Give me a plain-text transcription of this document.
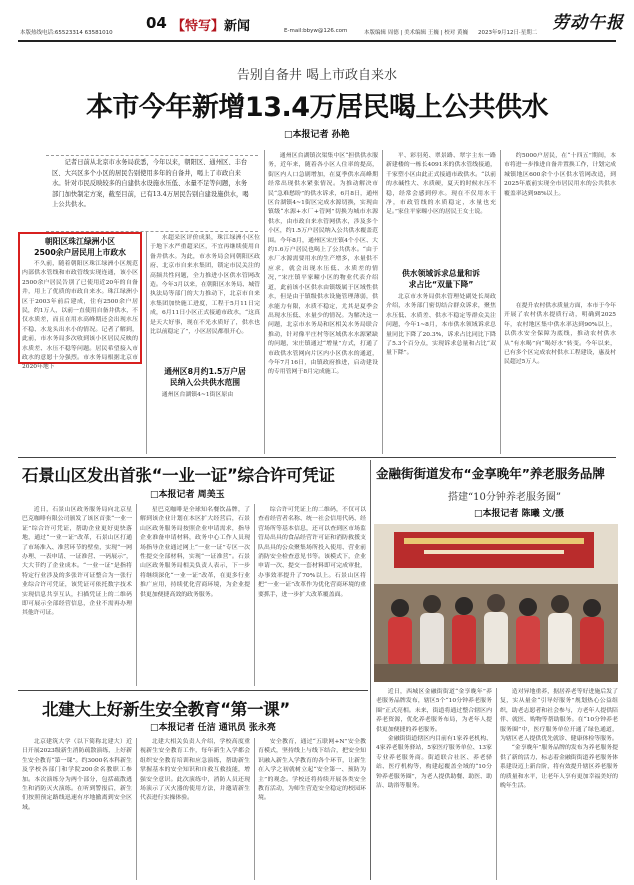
本版热线电话:65523314 63581010
04 【特写】 新闻	E-mail:bbyw@126.com	本版编辑 周德 | 美术编辑 王巍 | 校对 黄巍 2023年9月12日·星期二 劳动午报
告别自备井 喝上市政自来水
本市今年新增13.4万居民喝上公共供水
□本报记者 孙艳
记者日前从北京市水务局获悉，今年以来，朝阳区、通州区、丰台区、大兴区多个小区的居民告别使用多年的自备井，喝上了市政自来水。针对市民反映较多的自建供水设施水压低、水量不足等问题，水务部门加快制定方案，截至目前，已有13.4万居民告别自建设施供水，喝上公共供水。
朝阳区珠江绿洲小区
2500余户居民用上市政水

不久前，随着朝阳区珠江绿洲小区规范内部供水管线和市政管线实现连通，该小区2500余户居民告别了已使用近20年的自备井，用上了优质的市政自来水。珠江绿洲小区于2003年前后建成，住有2500余户居民，约1万人，以前一直使用自备井供水，不仅水质差，而且在用水高峰期还会出现水压不稳、水龙头出水小的情况。记者了解到，此前，市水务局多次收到该小区居民反映的水质差、水压不稳等问题。居民希望接入市政水的意愿十分强烈。市水务局根据北京市2020年地下

水超采区评价成果，珠江绿洲小区位于地下水严重超采区，不宜再继续使用自备井供水。为此，市水务局会同朝阳区政府、北京市自来水集团，锁定市民关注的高频共性问题，全力推进小区供水管网改造。今年3月以来，在朝阳区水务局、城管执法局等部门的大力推动下，北京市自来水集团加快施工进度，工程于5月11日完成，6月11日小区正式接通市政水，“这真是天大好事，现在不光水质好了，供水也比以前稳定了”，小区居民都很开心。

通州区8月约1.5万户居
民纳入公共供水范围

通州区台湖镇4~1街区原由

通州区台湖镇次渠集中区“担供供水服务，近年来，随着各小区人住率的提高，街区内人口急剧增加，在夏季供水高峰期经常出现供水紧张情况。为推动解决市民“急难愁盼”的供水诉求，6月8日，通州区台湖镇4~1街区完成水源切换，实现由镇级“水源+水厂+管网”切换为城市水源供水，由市政自来水管网供水，涉及多个小区，约1.5万户居民纳入公共供水覆盖范围。今年8月，通州区宋庄镇4个小区、大约1.6万户居民也喝上了公共供水。“由于水厂水源需要用水的生产增多，水量供不应求，就会出现水压低、水质差的情况，”宋庄镇平家疃小区的物业代表介绍道，此前该小区供水由镇级属于区域性供水，但是由于镇级供水设施管理薄弱，供水能力有限，水质不稳定，尤其是夏季会出现水压低、水量少的情况。为解决这一问题，北京市水务局和区相关水务局联合推动，针对像平庄村等区域供水水源紧缺的问题，宋庄镇通过“增量”方式，打通了市政供水管网向片区内小区供水的通道，今年7月16日，由镇政府推进，启动建设的专用管网于8月完成施工。

平、彩羽苑、翠景路、翠字主东一路新建楼的一栋长4091米的供水管线接通，千家塑小区由此正式接通市政供水。“以前的水碱性大、水质硬，夏天的时候水压不稳，经常会感到停水。现在不仅用水干净，市政管线的水质稳定，水量也充足。”家住平家疃小区的居民王女士说。

供水领域诉求总量和诉
求占比“双量下降”

北京市水务局供水管理处副处长周政介绍，水务部门密切结合群众诉求，聚焦水压低、水质差、供水不稳定等群众关注问题，今年1~8月，本市供水领域诉求总量同比下降了20.3%，诉求占比同比下降了5.3个百分点，实现诉求总量和占比“双量下降”。

约5000户居民，在“十四五”期间，本市将进一步推进自备井置换工作，计划完成城镇地区600余个小区供水管网改造，到2025年底前实现全市居民用水的公共供水覆盖率达到98%以上。

在提升农村供水质量方面，本市于今年开展了农村供水提质行动，明确到2025年，农村地区集中供水率达到90%以上，以供水安全保障为底线，推动农村供水从“有水喝”向“喝好水”转变。今年以来，已有多个区完成农村供水工程建设，惠及村民超过5万人。

石景山区发出首张“一业一证”综合许可凭证
□本报记者 周美玉

近日，石景山区政务服务局向北京星巴克咖啡有限公司颁发了该区首张“一业一证”综合许可凭证，帮助企业更好更快落地，通过“一业一证”改革，石景山区打通了市场准入、准营环节的壁垒，实现“一网办理、一表申请、一证准营、一码展示”，大大节约了企业成本。“一业一证”是指将特定行业涉及的多张许可证整合为一张行业综合许可凭证，该凭证可依托数字技术实现信息共享互认，扫描凭证上的二维码即可展示全部经营信息，企业不需再办理其他许可证。

星巴克咖啡是全球知名餐饮品牌，了解到该企业计划在本区扩大经营后，石景山区政务服务局按照企业申请需求，指导企业准备申请材料，政务中心工作人员现场指导企业通过网上“一业一证”专区一次性提交全部材料，实现“一证准营”。石景山区政务服务局相关负责人表示，下一步将继续深化“一业一证”改革，在更多行业推广应用，持续优化营商环境，为企业提供更加便捷高效的政务服务。

综合许可凭证上的二维码，不仅可以查看经营者名称、统一社会信用代码、经营场所等基本信息，还可以查到区市场监管局出具的食品经营许可证和消防救援支队出具的公众聚集场所投入使用、营业前消防安全检查意见书等。该模式下，企业申请一次、提交一套材料即可完成审批，办事效率提升了70%以上。石景山区将把“一业一证”改革作为优化营商环境的重要抓手，进一步扩大改革覆盖面。

金融街街道发布“金享晚年”养老服务品牌
搭建“10分钟养老服务圈”
□本报记者 陈曦 文/摄

近日，西城区金融街街道“金享晚年”养老服务品牌发布，辖区5个“10分钟养老服务圈”正式亮相。未来，街道将通过整合辖区内养老资源，优化养老服务布局，为老年人提供更加便捷的养老服务。

金融街街道辖区内目前有1家养老机构、4家养老服务驿站，5家医疗服务单位、13家专业养老服务商。街道联合社区、养老驿站、医疗机构等，构建起覆盖全域的“10分钟养老服务圈”，为老人提供助餐、助医、助洁、助浴等服务。

造对异地重养，据居养老等好进施后发了复，实从量金“引导好服务”规划热心公益组织，助老志愿者和社会参与，方老年人提供陪伴、就医、购物等帮助服务。在“10分钟养老服务圈”中，医疗服务单位开通了绿色通道，为辖区老人提供优先就诊、健康体检等服务。

“金享晚年”服务品牌的发布为养老服务提供了新的活力，标志着金融街街道养老服务体系建设迈上新台阶，将有效提升辖区养老服务的质量和水平，让老年人享有更加幸福美好的晚年生活。

北建大上好新生安全教育“第一课”
□本报记者 任洁 通讯员 张永亮

北京建筑大学（以下简称北建大）近日开展2023级新生消防疏散演练，上好新生安全教育“第一课”。约3000名本科新生及学校各部门和学院200余名教职工参加。本次演练分为两个部分，包括疏散逃生和消防灭火演练。在听到警报后，新生们按照预定路线迅速有序地撤离到安全区域。

北建大相关负责人介绍，学校高度重视新生安全教育工作，每年新生入学都会组织安全教育培训和应急演练，帮助新生掌握基本的安全知识和自救互救技能，增强安全意识。此次演练中，消防人员还现场演示了灭火器的使用方法，并邀请新生代表进行实操体验。

安全教育，通过“五联网+N”安全教育模式，坚持线上与线下结合，把安全知识融入新生入学教育的各个环节，让新生在入学之初就树立起“安全第一、预防为主”的观念。学校还将持续开展各类安全教育活动，为师生营造安全稳定的校园环境。
